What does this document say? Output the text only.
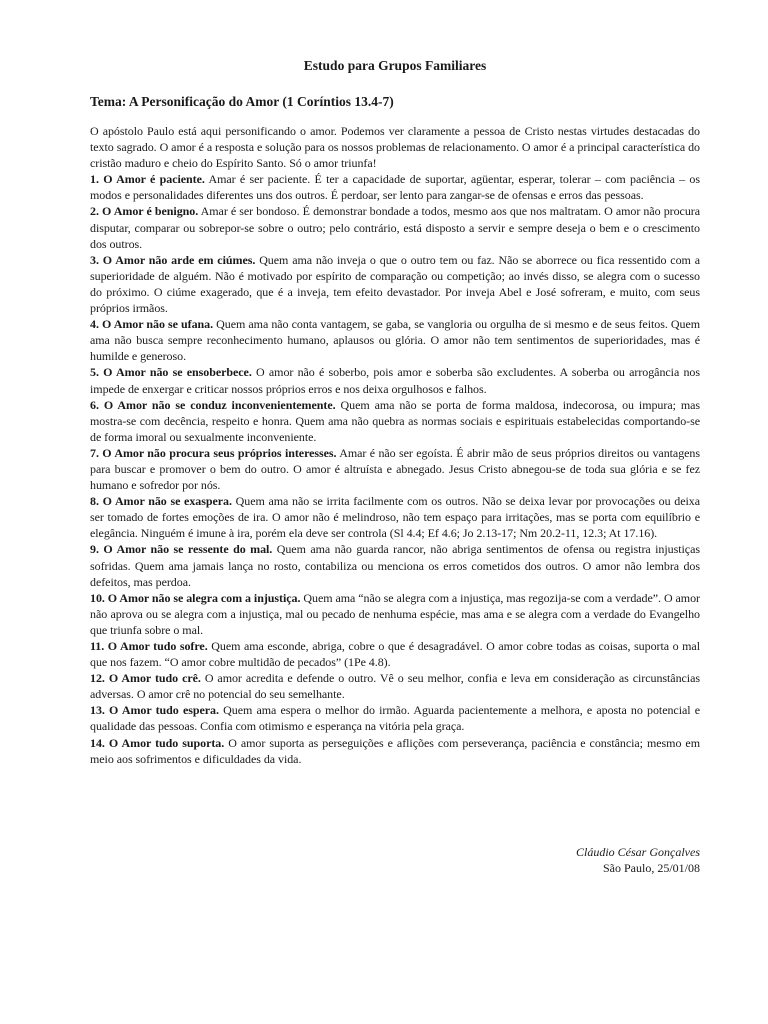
Estudo para Grupos Familiares
Tema: A Personificação do Amor (1 Coríntios 13.4-7)

O apóstolo Paulo está aqui personificando o amor. Podemos ver claramente a pessoa de Cristo nestas virtudes destacadas do texto sagrado. O amor é a resposta e solução para os nossos problemas de relacionamento. O amor é a principal característica do cristão maduro e cheio do Espírito Santo. Só o amor triunfa!

1. O Amor é paciente. Amar é ser paciente. É ter a capacidade de suportar, agüentar, esperar, tolerar – com paciência – os modos e personalidades diferentes uns dos outros. É perdoar, ser lento para zangar-se de ofensas e erros das pessoas.

2. O Amor é benigno. Amar é ser bondoso. É demonstrar bondade a todos, mesmo aos que nos maltratam. O amor não procura disputar, comparar ou sobrepor-se sobre o outro; pelo contrário, está disposto a servir e sempre deseja o bem e o crescimento dos outros.

3. O Amor não arde em ciúmes. Quem ama não inveja o que o outro tem ou faz. Não se aborrece ou fica ressentido com a superioridade de alguém. Não é motivado por espírito de comparação ou competição; ao invés disso, se alegra com o sucesso do próximo. O ciúme exagerado, que é a inveja, tem efeito devastador. Por inveja Abel e José sofreram, e muito, com seus próprios irmãos.

4. O Amor não se ufana. Quem ama não conta vantagem, se gaba, se vangloria ou orgulha de si mesmo e de seus feitos. Quem ama não busca sempre reconhecimento humano, aplausos ou glória. O amor não tem sentimentos de superioridades, mas é humilde e generoso.

5. O Amor não se ensoberbece. O amor não é soberbo, pois amor e soberba são excludentes. A soberba ou arrogância nos impede de enxergar e criticar nossos próprios erros e nos deixa orgulhosos e falhos.

6. O Amor não se conduz inconvenientemente. Quem ama não se porta de forma maldosa, indecorosa, ou impura; mas mostra-se com decência, respeito e honra. Quem ama não quebra as normas sociais e espirituais estabelecidas comportando-se de forma imoral ou sexualmente inconveniente.

7. O Amor não procura seus próprios interesses. Amar é não ser egoísta. É abrir mão de seus próprios direitos ou vantagens para buscar e promover o bem do outro. O amor é altruísta e abnegado. Jesus Cristo abnegou-se de toda sua glória e se fez humano e sofredor por nós.

8. O Amor não se exaspera. Quem ama não se irrita facilmente com os outros. Não se deixa levar por provocações ou deixa ser tomado de fortes emoções de ira. O amor não é melindroso, não tem espaço para irritações, mas se porta com equilíbrio e elegância. Ninguém é imune à ira, porém ela deve ser controla (Sl 4.4; Ef 4.6; Jo 2.13-17; Nm 20.2-11, 12.3; At 17.16).

9. O Amor não se ressente do mal. Quem ama não guarda rancor, não abriga sentimentos de ofensa ou registra injustiças sofridas. Quem ama jamais lança no rosto, contabiliza ou menciona os erros cometidos dos outros. O amor não lembra dos defeitos, mas perdoa.

10. O Amor não se alegra com a injustiça. Quem ama “não se alegra com a injustiça, mas regozija-se com a verdade”. O amor não aprova ou se alegra com a injustiça, mal ou pecado de nenhuma espécie, mas ama e se alegra com a verdade do Evangelho que triunfa sobre o mal.

11. O Amor tudo sofre. Quem ama esconde, abriga, cobre o que é desagradável. O amor cobre todas as coisas, suporta o mal que nos fazem. “O amor cobre multidão de pecados” (1Pe 4.8).

12. O Amor tudo crê. O amor acredita e defende o outro. Vê o seu melhor, confia e leva em consideração as circunstâncias adversas. O amor crê no potencial do seu semelhante.

13. O Amor tudo espera. Quem ama espera o melhor do irmão. Aguarda pacientemente a melhora, e aposta no potencial e qualidade das pessoas. Confia com otimismo e esperança na vitória pela graça.

14. O Amor tudo suporta. O amor suporta as perseguições e aflições com perseverança, paciência e constância; mesmo em meio aos sofrimentos e dificuldades da vida.

Cláudio César Gonçalves
São Paulo, 25/01/08
